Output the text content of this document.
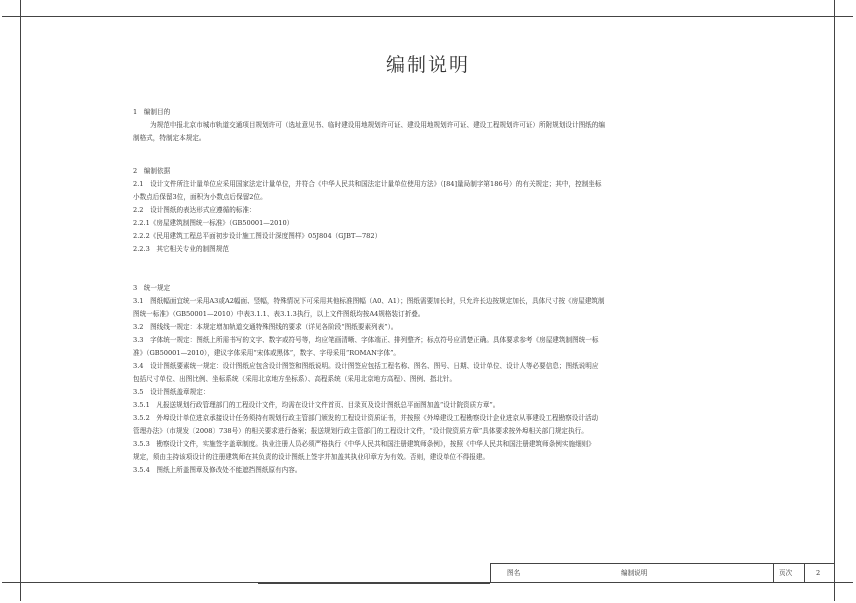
编制说明
1　编制目的
为规范申报北京市城市轨道交通项目规划许可（选址意见书、临时建设用地规划许可证、建设用地规划许可证、建设工程规划许可证）所附规划设计图纸的编
制格式，特制定本规定。
2　编制依据
2.1　设计文件所注计量单位应采用国家法定计量单位，并符合《中华人民共和国法定计量单位使用方法》（[84]量局制字第186号）的有关规定；其中，控制坐标
小数点后保留3位，面积为小数点后保留2位。
2.2　设计图纸的表达形式应遵循的标准：
2.2.1《房屋建筑制图统一标准》（GB50001—2010）
2.2.2《民用建筑工程总平面初步设计施工图设计深度图样》05J804（GJBT—782）
2.2.3　其它相关专业的制图规范
3　统一规定
3.1　图纸幅面宜统一采用A3或A2幅面、竖幅，特殊情况下可采用其他标准图幅（A0、A1）；图纸需要加长时，只允许长边按规定加长，具体尺寸按《房屋建筑制
图统一标准》（GB50001—2010）中表3.1.1、表3.1.3执行，以上文件图纸均按A4规格装订折叠。
3.2　图线线一规定：本规定增加轨道交通特殊图线的要求（详见各阶段“图纸要素列表”）。
3.3　字体统一规定：图纸上所需书写的文字、数字或符号等，均应笔画清晰、字体端正、排列整齐；标点符号应清楚正确。具体要求参考《房屋建筑制图统一标
准》（GB50001—2010），建议字体采用“宋体或黑体”，数字、字母采用“ROMAN字体”。
3.4　设计图纸要素统一规定：设计图纸应包含设计图签和图纸说明。设计图签应包括工程名称、图名、图号、日期、设计单位、设计人等必要信息；图纸说明应
包括尺寸单位、出图比例、坐标系统（采用北京地方坐标系）、高程系统（采用北京地方高程）、图例、指北针。
3.5　设计图纸盖章规定：
3.5.1　凡报送规划行政管理部门的工程设计文件，均需在设计文件首页、目录页及设计图纸总平面图加盖“设计院资质方章”。
3.5.2　外埠设计单位进京承接设计任务须持有规划行政主管部门颁发的工程设计资质证书，并按照《外埠建设工程勘察设计企业进京从事建设工程勘察设计活动
管理办法》（市规发〔2008〕738号）的相关要求进行备案；报送规划行政主管部门的工程设计文件，“设计院资质方章”具体要求按外埠相关部门规定执行。
3.5.3　勘察设计文件，实施签字盖章制度。执业注册人员必须严格执行《中华人民共和国注册建筑师条例》，按照《中华人民共和国注册建筑师条例实施细则》
规定，须由主持该项设计的注册建筑师在其负责的设计图纸上签字并加盖其执业印章方为有效。否则，建设单位不得报建。
3.5.4　图纸上所盖图章及修改处不能遮挡图纸原有内容。
图名	编制说明	页次	2
